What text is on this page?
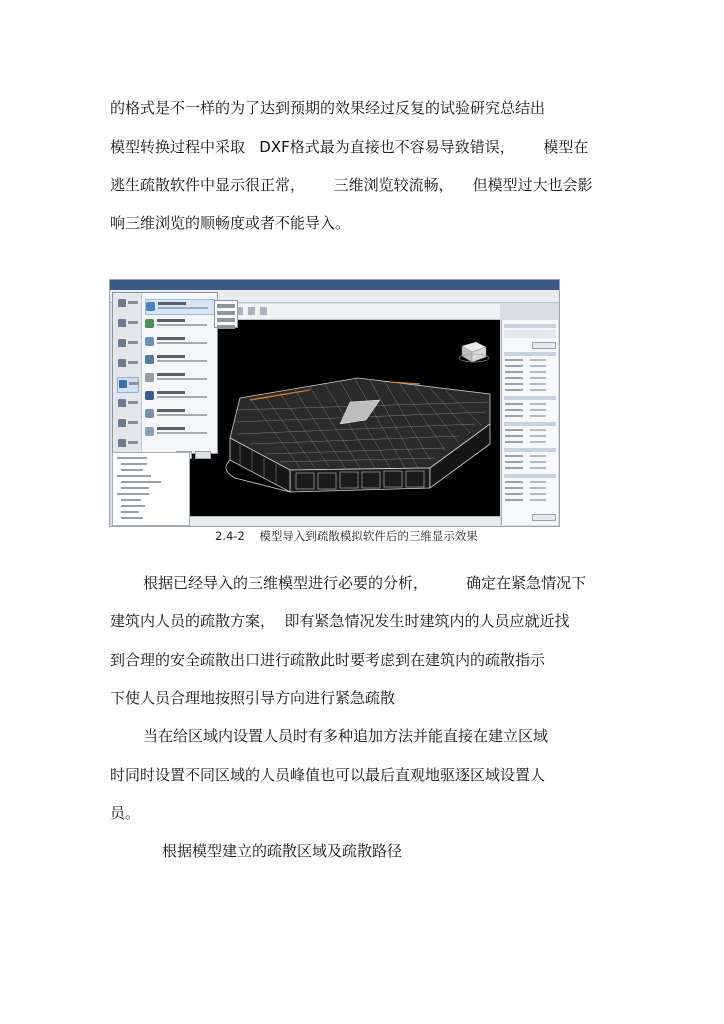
的格式是不一样的为了达到预期的效果经过反复的试验研究总结出
模型转换过程中采取   DXF格式最为直接也不容易导致错误，      模型在
逃生疏散软件中显示很正常，      三维浏览较流畅，    但模型过大也会影
响三维浏览的顺畅度或者不能导入。
2.4-2    模型导入到疏散模拟软件后的三维显示效果
根据已经导入的三维模型进行必要的分析，        确定在紧急情况下
建筑内人员的疏散方案，  即有紧急情况发生时建筑内的人员应就近找
到合理的安全疏散出口进行疏散此时要考虑到在建筑内的疏散指示
下使人员合理地按照引导方向进行紧急疏散
当在给区域内设置人员时有多种追加方法并能直接在建立区域
时同时设置不同区域的人员峰值也可以最后直观地驱逐区域设置人
员。
根据模型建立的疏散区域及疏散路径
